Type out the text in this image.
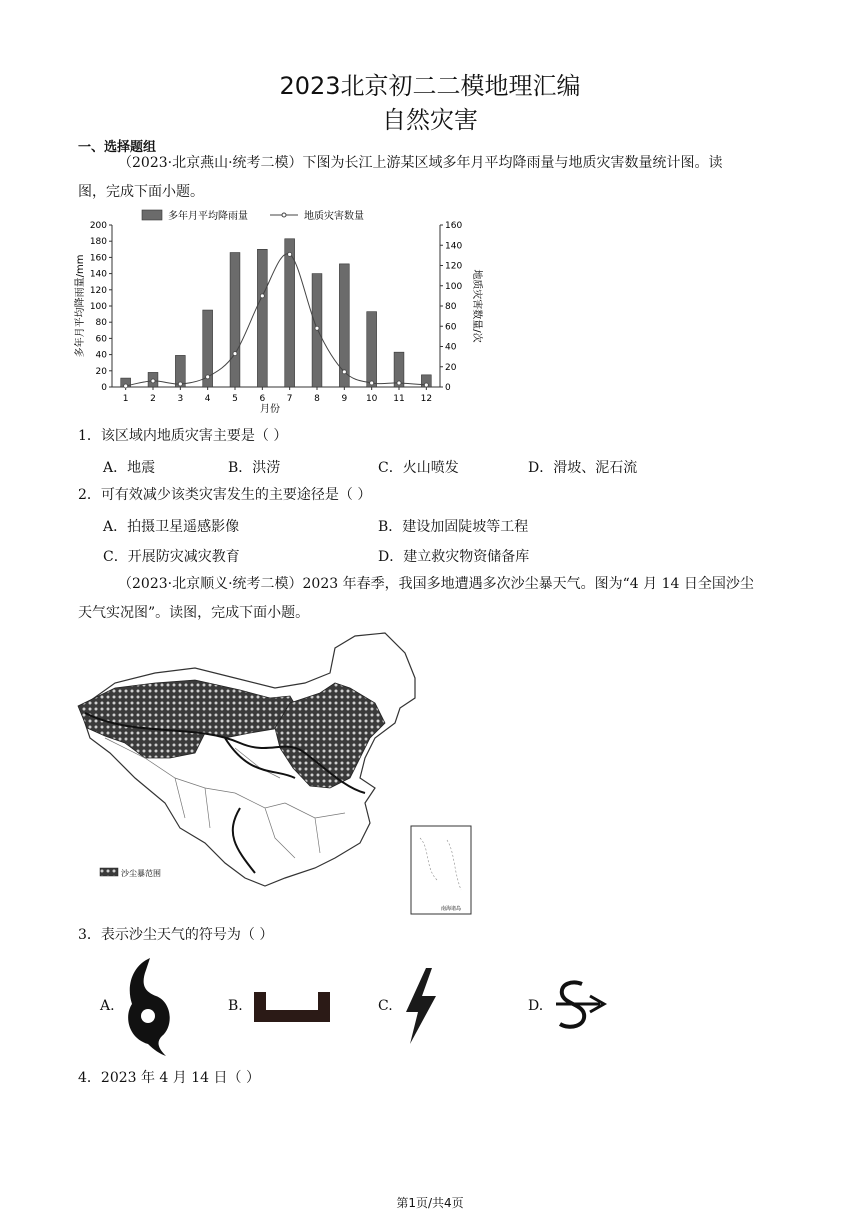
2023北京初二二模地理汇编
自然灾害
一、选择题组
（2023·北京燕山·统考二模）下图为长江上游某区域多年月平均降雨量与地质灾害数量统计图。读
图，完成下面小题。
多年月平均降雨量	地质灾害数量
0
20
40
60
80
100
120
140
160
180
200
0
20
40
60
80
100
120
140
160
1 2 3 4 5 6 7 8 9 10 11 12
月份
多年月平均降雨量/mm	地质灾害数量/次
1．该区域内地质灾害主要是（ ）
A．地震	B．洪涝	C．火山喷发	D．滑坡、泥石流
2．可有效减少该类灾害发生的主要途径是（ ）
A．拍摄卫星遥感影像	B．建设加固陡坡等工程
C．开展防灾减灾教育	D．建立救灾物资储备库
（2023·北京顺义·统考二模）2023 年春季，我国多地遭遇多次沙尘暴天气。图为“4 月 14 日全国沙尘
天气实况图”。读图，完成下面小题。
沙尘暴范围
南海诸岛
3．表示沙尘天气的符号为（ ）
A.	B.	C.	D.
4．2023 年 4 月 14 日（ ）
第1页/共4页
